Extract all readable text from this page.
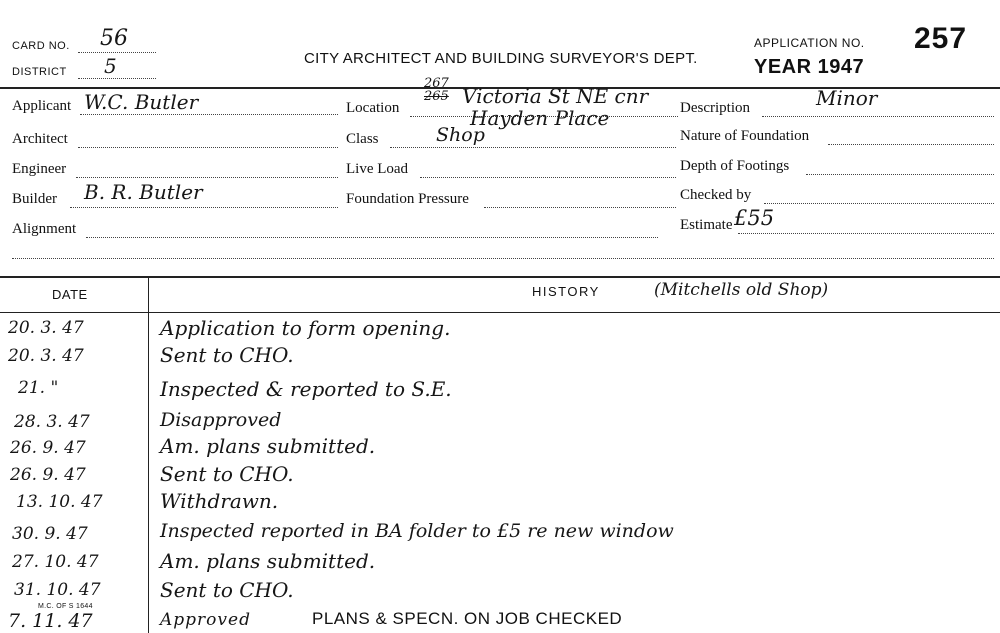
CARD NO. 56
DISTRICT 5	CITY ARCHITECT AND BUILDING SURVEYOR'S DEPT.
APPLICATION NO. 257
YEAR 1947
Applicant W.C. Butler
Architect
Engineer
Builder B. R. Butler
Alignment
Location
267
265 Victoria St NE cnr
Hayden Place
Class	Shop
Live Load
Foundation Pressure
Description	Minor
Nature of Foundation
Depth of Footings
Checked by
Estimate £55
DATE	HISTORY	(Mitchells old Shop)
20. 3. 47	Application to form opening.
20. 3. 47	Sent to CHO.
21. "	Inspected & reported to S.E.
28. 3. 47	Disapproved
26. 9. 47	Am. plans submitted.
26. 9. 47	Sent to CHO.
13. 10. 47	Withdrawn.
30. 9. 47	Inspected reported in BA folder to £5 re new window
27. 10. 47	Am. plans submitted.
31. 10. 47	Sent to CHO.
7. 11. 47	Approved	PLANS & SPECN. ON JOB CHECKED
M.C. OF S 1644
